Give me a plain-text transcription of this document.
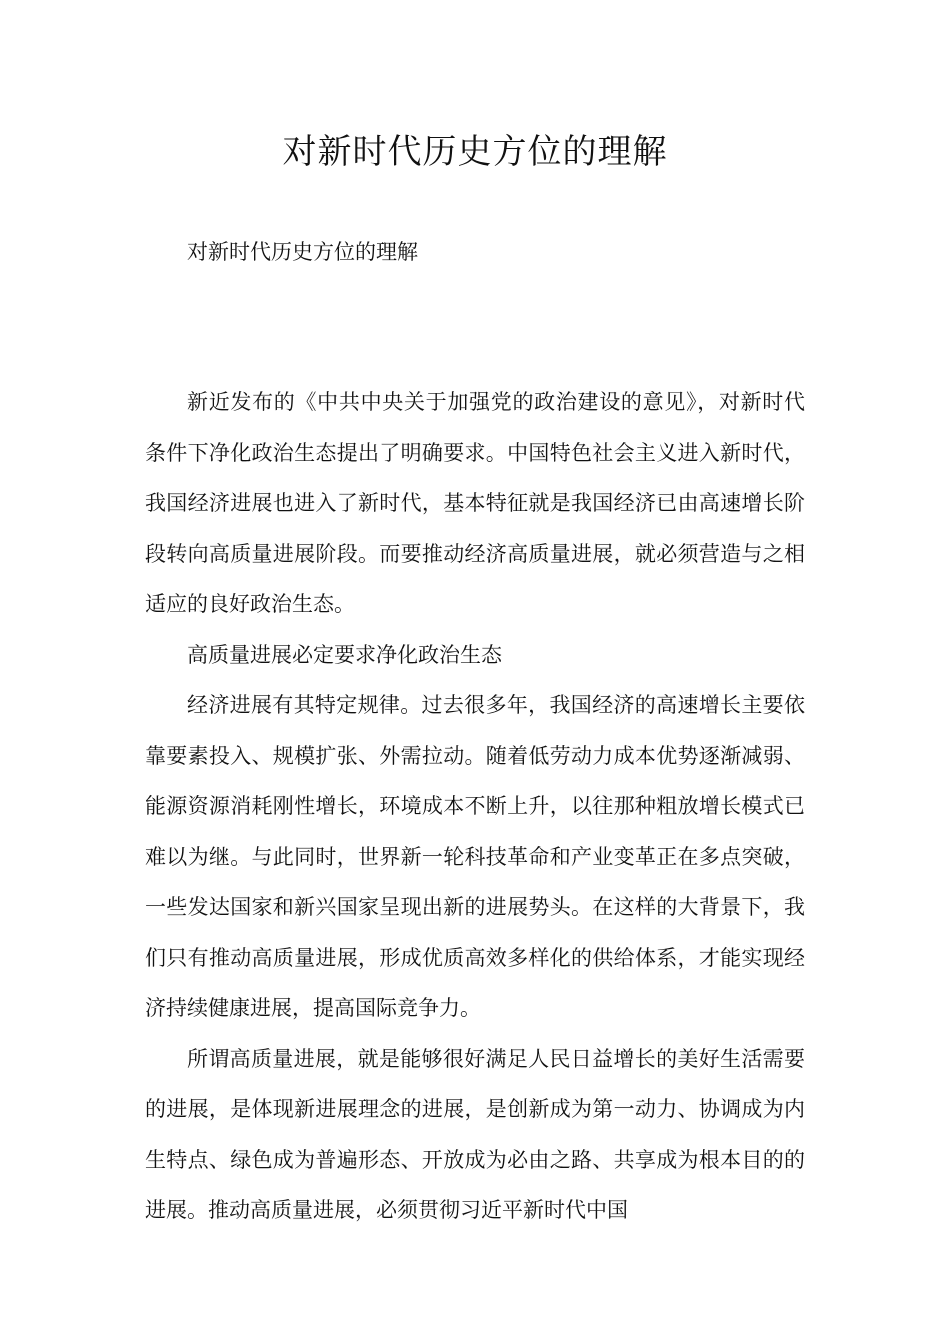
对新时代历史方位的理解

对新时代历史方位的理解

新近发布的《中共中央关于加强党的政治建设的意见》，对新时代条件下净化政治生态提出了明确要求。中国特色社会主义进入新时代，我国经济进展也进入了新时代，基本特征就是我国经济已由高速增长阶段转向高质量进展阶段。而要推动经济高质量进展，就必须营造与之相适应的良好政治生态。

高质量进展必定要求净化政治生态

经济进展有其特定规律。过去很多年，我国经济的高速增长主要依靠要素投入、规模扩张、外需拉动。随着低劳动力成本优势逐渐减弱、能源资源消耗刚性增长，环境成本不断上升，以往那种粗放增长模式已难以为继。与此同时，世界新一轮科技革命和产业变革正在多点突破，一些发达国家和新兴国家呈现出新的进展势头。在这样的大背景下，我们只有推动高质量进展，形成优质高效多样化的供给体系，才能实现经济持续健康进展，提高国际竞争力。

所谓高质量进展，就是能够很好满足人民日益增长的美好生活需要的进展，是体现新进展理念的进展，是创新成为第一动力、协调成为内生特点、绿色成为普遍形态、开放成为必由之路、共享成为根本目的的进展。推动高质量进展，必须贯彻习近平新时代中国
